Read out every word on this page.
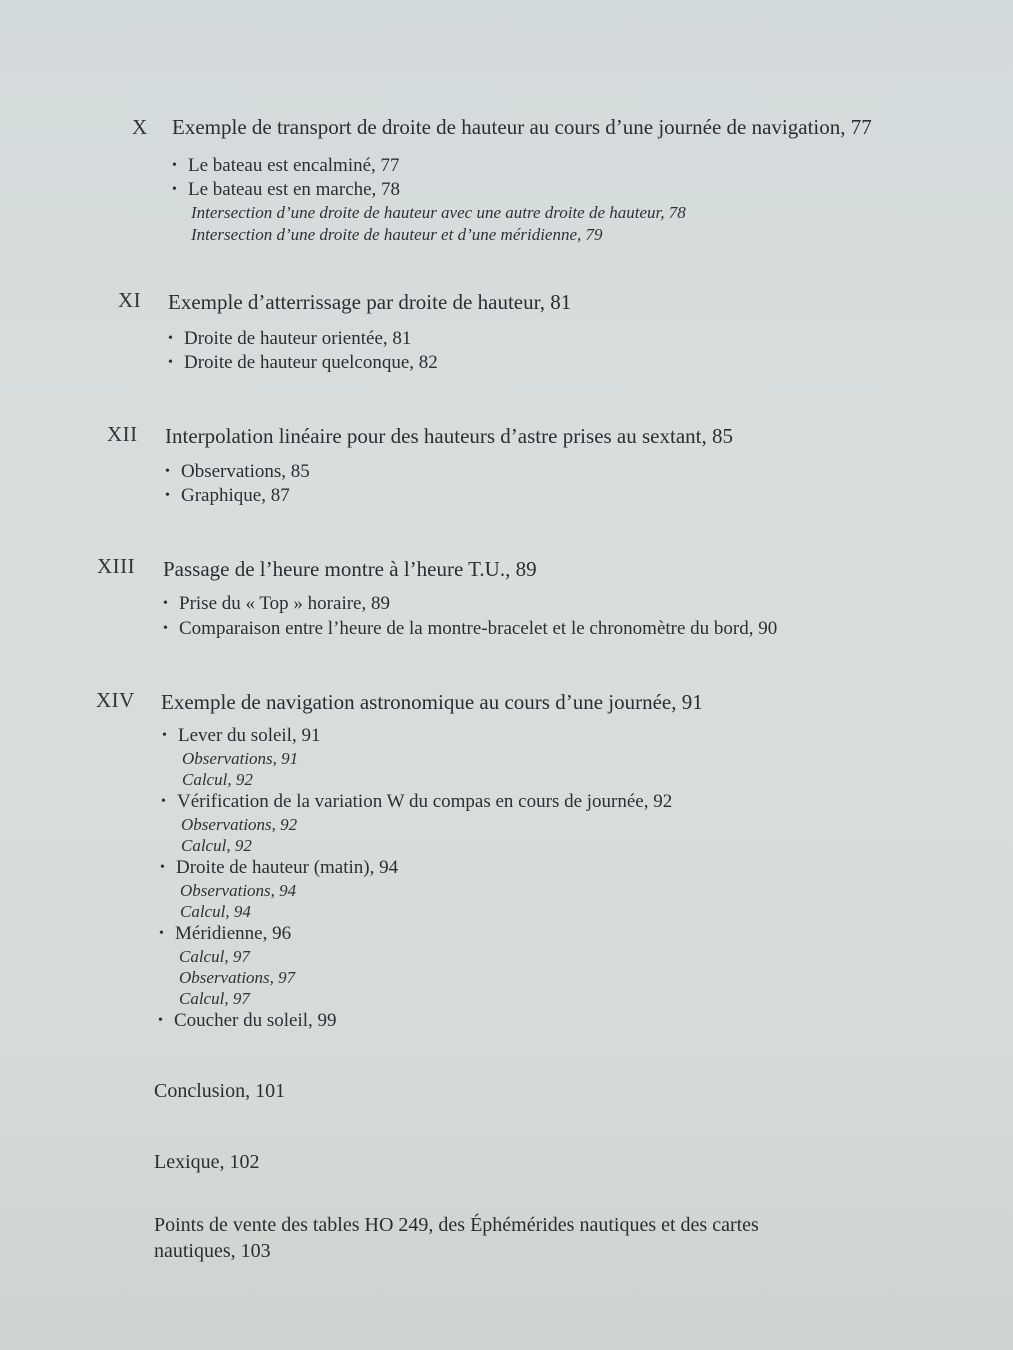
X Exemple de transport de droite de hauteur au cours d’une journée de navigation, 77
• Le bateau est encalminé, 77
• Le bateau est en marche, 78
Intersection d’une droite de hauteur avec une autre droite de hauteur, 78
Intersection d’une droite de hauteur et d’une méridienne, 79
XI Exemple d’atterrissage par droite de hauteur, 81
• Droite de hauteur orientée, 81
• Droite de hauteur quelconque, 82
XII Interpolation linéaire pour des hauteurs d’astre prises au sextant, 85
• Observations, 85
• Graphique, 87
XIII Passage de l’heure montre à l’heure T.U., 89
• Prise du « Top » horaire, 89
• Comparaison entre l’heure de la montre-bracelet et le chronomètre du bord, 90
XIV Exemple de navigation astronomique au cours d’une journée, 91
• Lever du soleil, 91
Observations, 91
Calcul, 92
• Vérification de la variation W du compas en cours de journée, 92
Observations, 92
Calcul, 92
• Droite de hauteur (matin), 94
Observations, 94
Calcul, 94
• Méridienne, 96
Calcul, 97
Observations, 97
Calcul, 97
• Coucher du soleil, 99
Conclusion, 101
Lexique, 102
Points de vente des tables HO 249, des Éphémérides nautiques et des cartes
nautiques, 103
